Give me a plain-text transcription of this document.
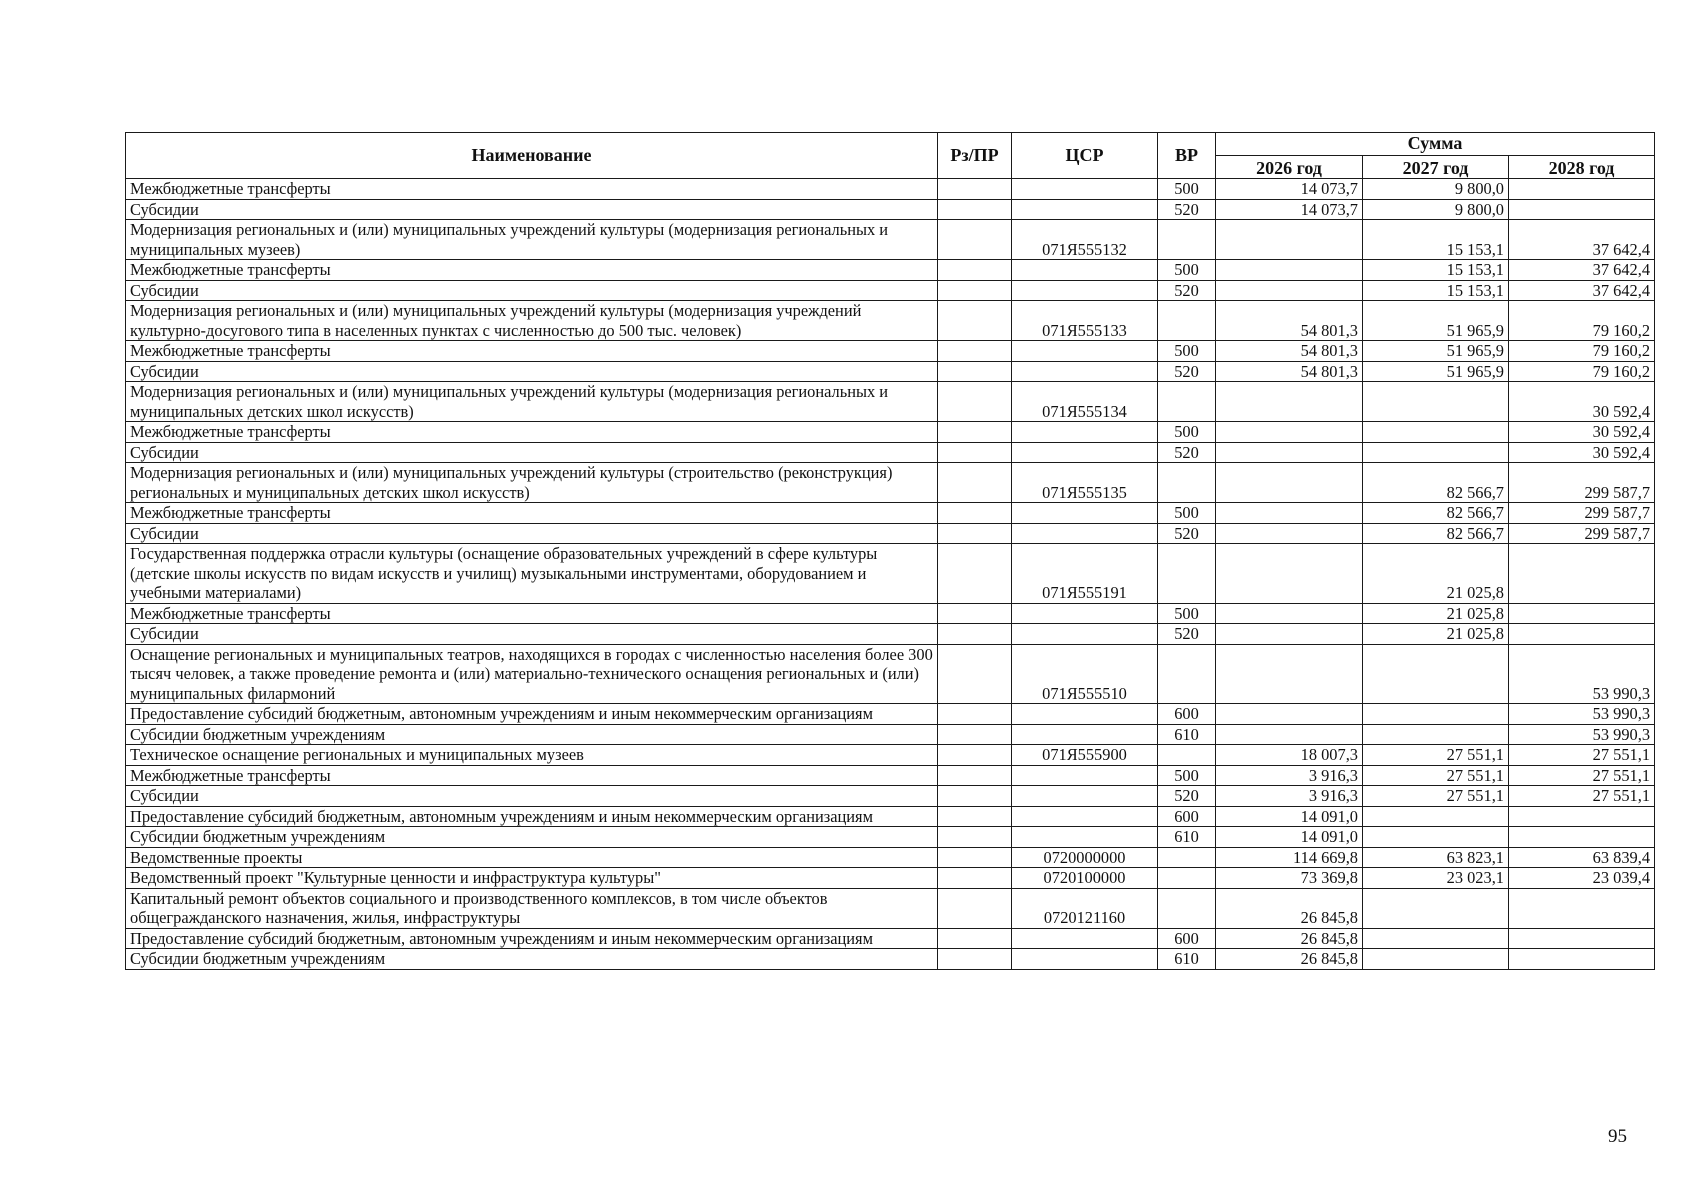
Наименование	Рз/ПР	ЦСР	ВР	Сумма		
				2026 год	2027 год	2028 год
Межбюджетные трансферты			500	14 073,7	9 800,0	
Субсидии			520	14 073,7	9 800,0	
Модернизация региональных и (или) муниципальных учреждений культуры (модернизация региональных и муниципальных музеев)		071Я555132			15 153,1	37 642,4
Межбюджетные трансферты			500		15 153,1	37 642,4
Субсидии			520		15 153,1	37 642,4
Модернизация региональных и (или) муниципальных учреждений культуры (модернизация учреждений культурно-досугового типа в населенных пунктах с численностью до 500 тыс. человек)		071Я555133		54 801,3	51 965,9	79 160,2
Межбюджетные трансферты			500	54 801,3	51 965,9	79 160,2
Субсидии			520	54 801,3	51 965,9	79 160,2
Модернизация региональных и (или) муниципальных учреждений культуры (модернизация региональных и муниципальных детских школ искусств)		071Я555134				30 592,4
Межбюджетные трансферты			500			30 592,4
Субсидии			520			30 592,4
Модернизация региональных и (или) муниципальных учреждений культуры (строительство (реконструкция) региональных и муниципальных детских школ искусств)		071Я555135			82 566,7	299 587,7
Межбюджетные трансферты			500		82 566,7	299 587,7
Субсидии			520		82 566,7	299 587,7
Государственная поддержка отрасли культуры (оснащение образовательных учреждений в сфере культуры (детские школы искусств по видам искусств и училищ) музыкальными инструментами, оборудованием и учебными материалами)		071Я555191			21 025,8	
Межбюджетные трансферты			500		21 025,8	
Субсидии			520		21 025,8	
Оснащение региональных и муниципальных театров, находящихся в городах с численностью населения более 300 тысяч человек, а также проведение ремонта и (или) материально-технического оснащения региональных и (или) муниципальных филармоний		071Я555510				53 990,3
Предоставление субсидий бюджетным, автономным учреждениям и иным некоммерческим организациям			600			53 990,3
Субсидии бюджетным учреждениям			610			53 990,3
Техническое оснащение региональных и муниципальных музеев		071Я555900		18 007,3	27 551,1	27 551,1
Межбюджетные трансферты			500	3 916,3	27 551,1	27 551,1
Субсидии			520	3 916,3	27 551,1	27 551,1
Предоставление субсидий бюджетным, автономным учреждениям и иным некоммерческим организациям			600	14 091,0		
Субсидии бюджетным учреждениям			610	14 091,0		
Ведомственные проекты		0720000000		114 669,8	63 823,1	63 839,4
Ведомственный проект "Культурные ценности и инфраструктура культуры"		0720100000		73 369,8	23 023,1	23 039,4
Капитальный ремонт объектов социального и производственного комплексов, в том числе объектов общегражданского назначения, жилья, инфраструктуры		0720121160		26 845,8		
Предоставление субсидий бюджетным, автономным учреждениям и иным некоммерческим организациям			600	26 845,8		
Субсидии бюджетным учреждениям			610	26 845,8		
95
